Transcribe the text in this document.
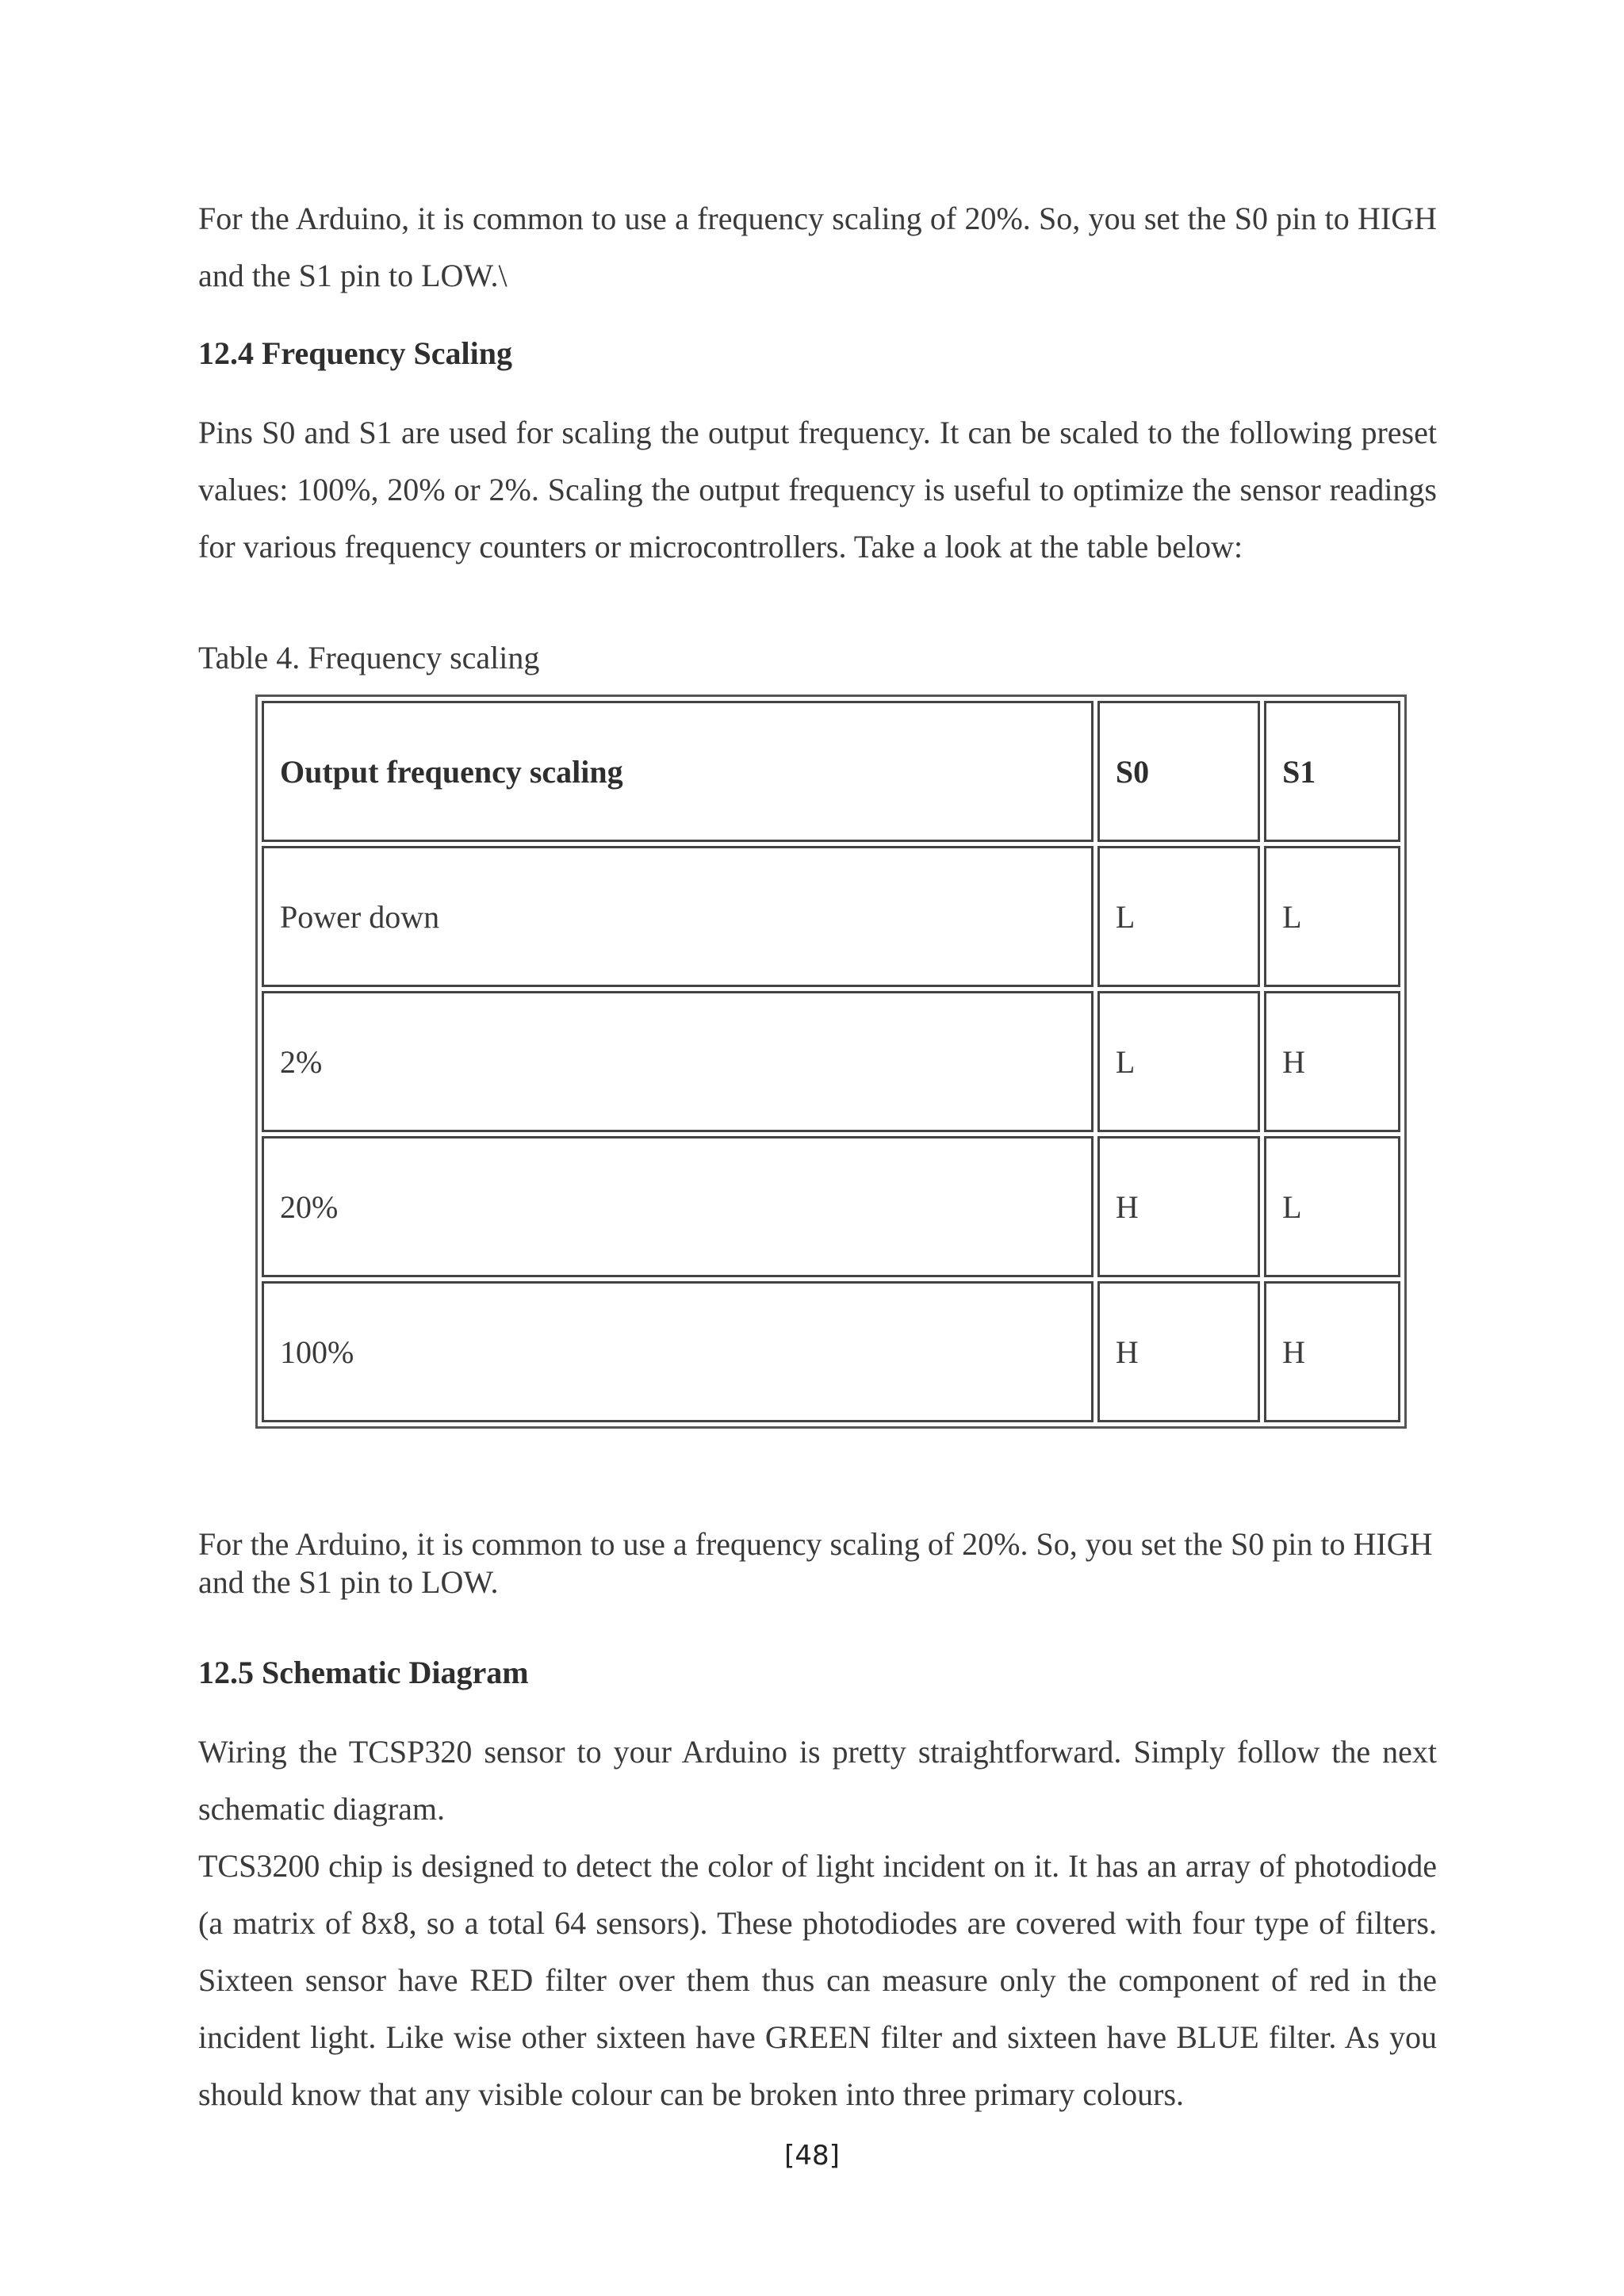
For the Arduino, it is common to use a frequency scaling of 20%. So, you set the S0 pin to HIGH and the S1 pin to LOW.\

12.4 Frequency Scaling

Pins S0 and S1 are used for scaling the output frequency. It can be scaled to the following preset values: 100%, 20% or 2%. Scaling the output frequency is useful to optimize the sensor readings for various frequency counters or microcontrollers. Take a look at the table below:

Table 4. Frequency scaling

Output frequency scaling	S0	S1
Power down	L	L
2%	L	H
20%	H	L
100%	H	H

For the Arduino, it is common to use a frequency scaling of 20%. So, you set the S0 pin to HIGH and the S1 pin to LOW.

12.5 Schematic Diagram

Wiring the TCSP320 sensor to your Arduino is pretty straightforward. Simply follow the next schematic diagram.

TCS3200 chip is designed to detect the color of light incident on it. It has an array of photodiode (a matrix of 8x8, so a total 64 sensors). These photodiodes are covered with four type of filters. Sixteen sensor have RED filter over them thus can measure only the component of red in the incident light. Like wise other sixteen have GREEN filter and sixteen have BLUE filter. As you should know that any visible colour can be broken into three primary colours.

[48]
